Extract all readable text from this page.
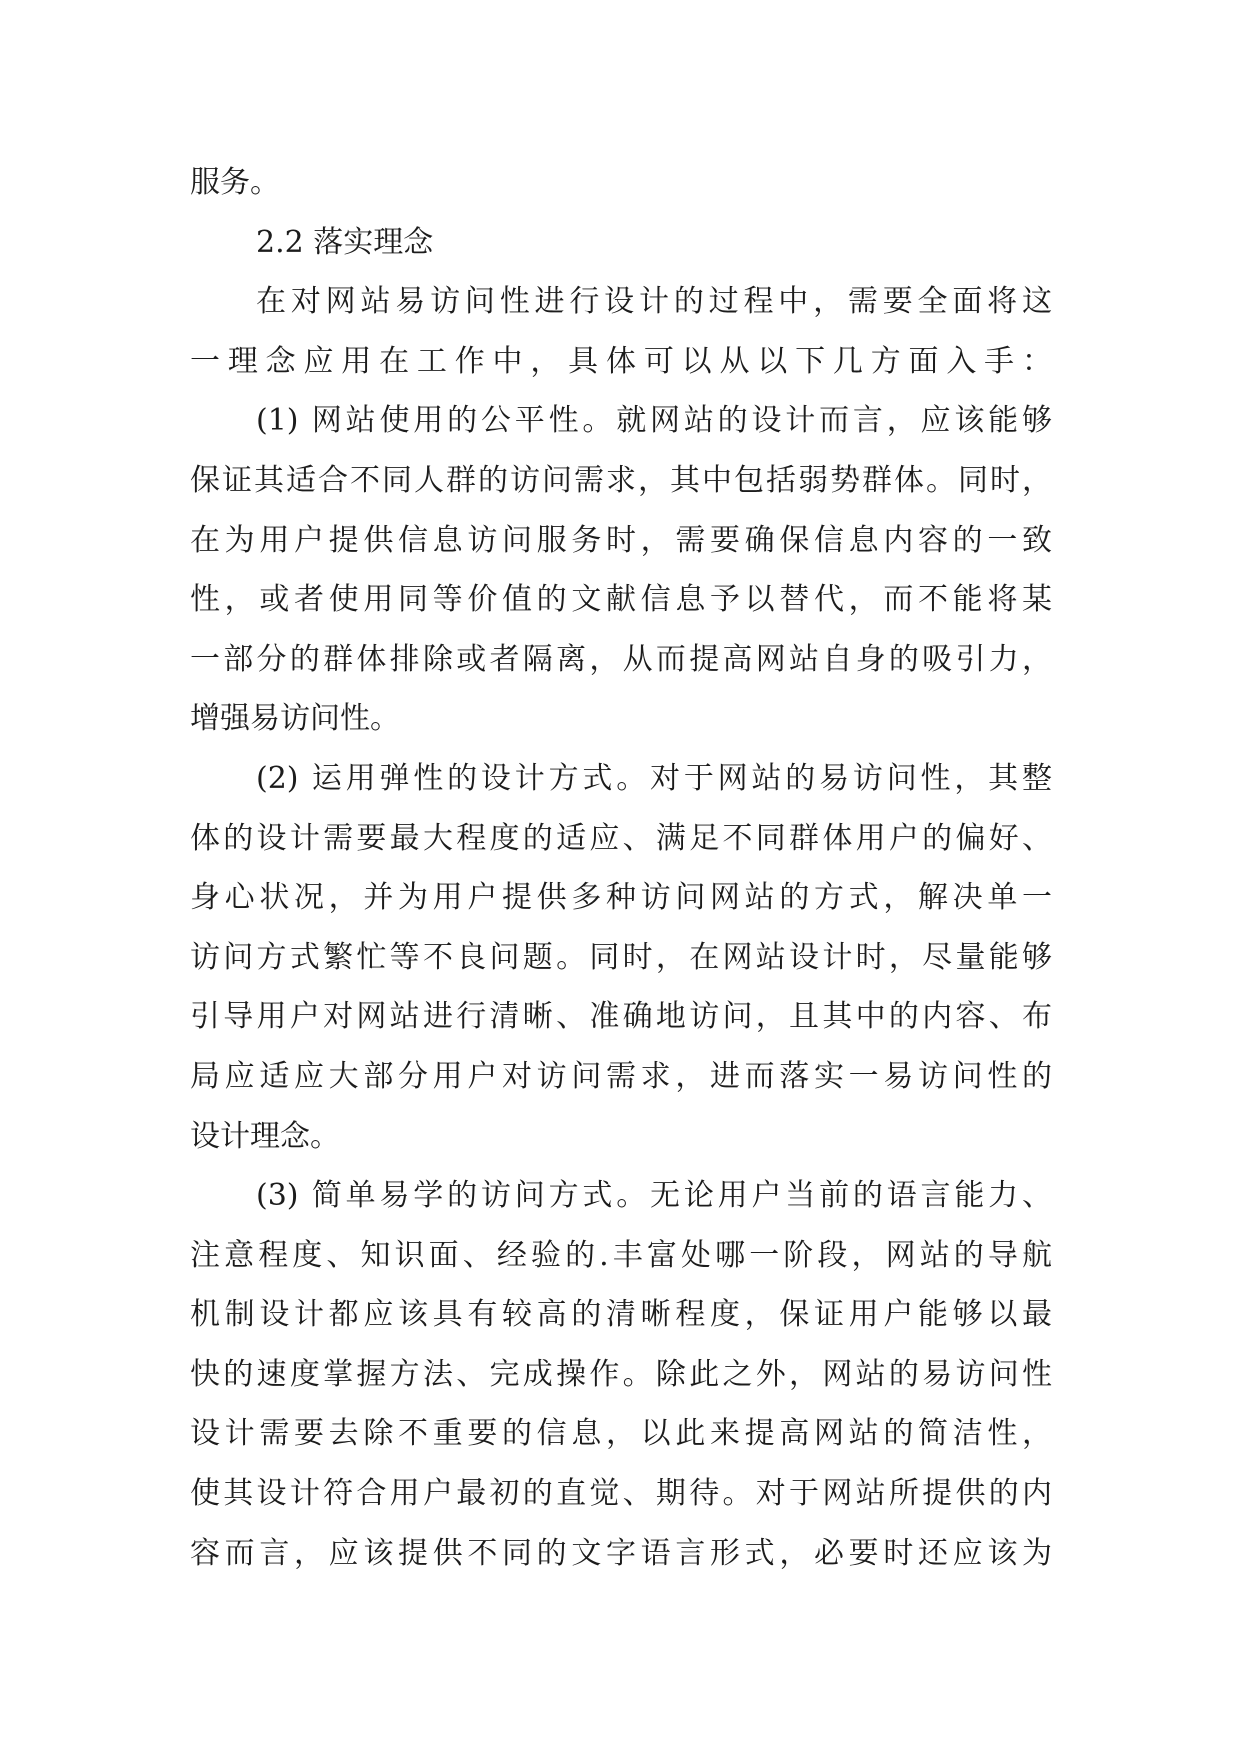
服务。
2.2 落实理念
在对网站易访问性进行设计的过程中，需要全面将这
一理念应用在工作中，具体可以从以下几方面入手：
(1) 网站使用的公平性。就网站的设计而言，应该能够
保证其适合不同人群的访问需求，其中包括弱势群体。同时，
在为用户提供信息访问服务时，需要确保信息内容的一致
性，或者使用同等价值的文献信息予以替代，而不能将某
一部分的群体排除或者隔离，从而提高网站自身的吸引力，
增强易访问性。
(2) 运用弹性的设计方式。对于网站的易访问性，其整
体的设计需要最大程度的适应、满足不同群体用户的偏好、
身心状况，并为用户提供多种访问网站的方式，解决单一
访问方式繁忙等不良问题。同时，在网站设计时，尽量能够
引导用户对网站进行清晰、准确地访问，且其中的内容、布
局应适应大部分用户对访问需求，进而落实一易访问性的
设计理念。
(3) 简单易学的访问方式。无论用户当前的语言能力、
注意程度、知识面、经验的.丰富处哪一阶段，网站的导航
机制设计都应该具有较高的清晰程度，保证用户能够以最
快的速度掌握方法、完成操作。除此之外，网站的易访问性
设计需要去除不重要的信息，以此来提高网站的简洁性，
使其设计符合用户最初的直觉、期待。对于网站所提供的内
容而言，应该提供不同的文字语言形式，必要时还应该为
